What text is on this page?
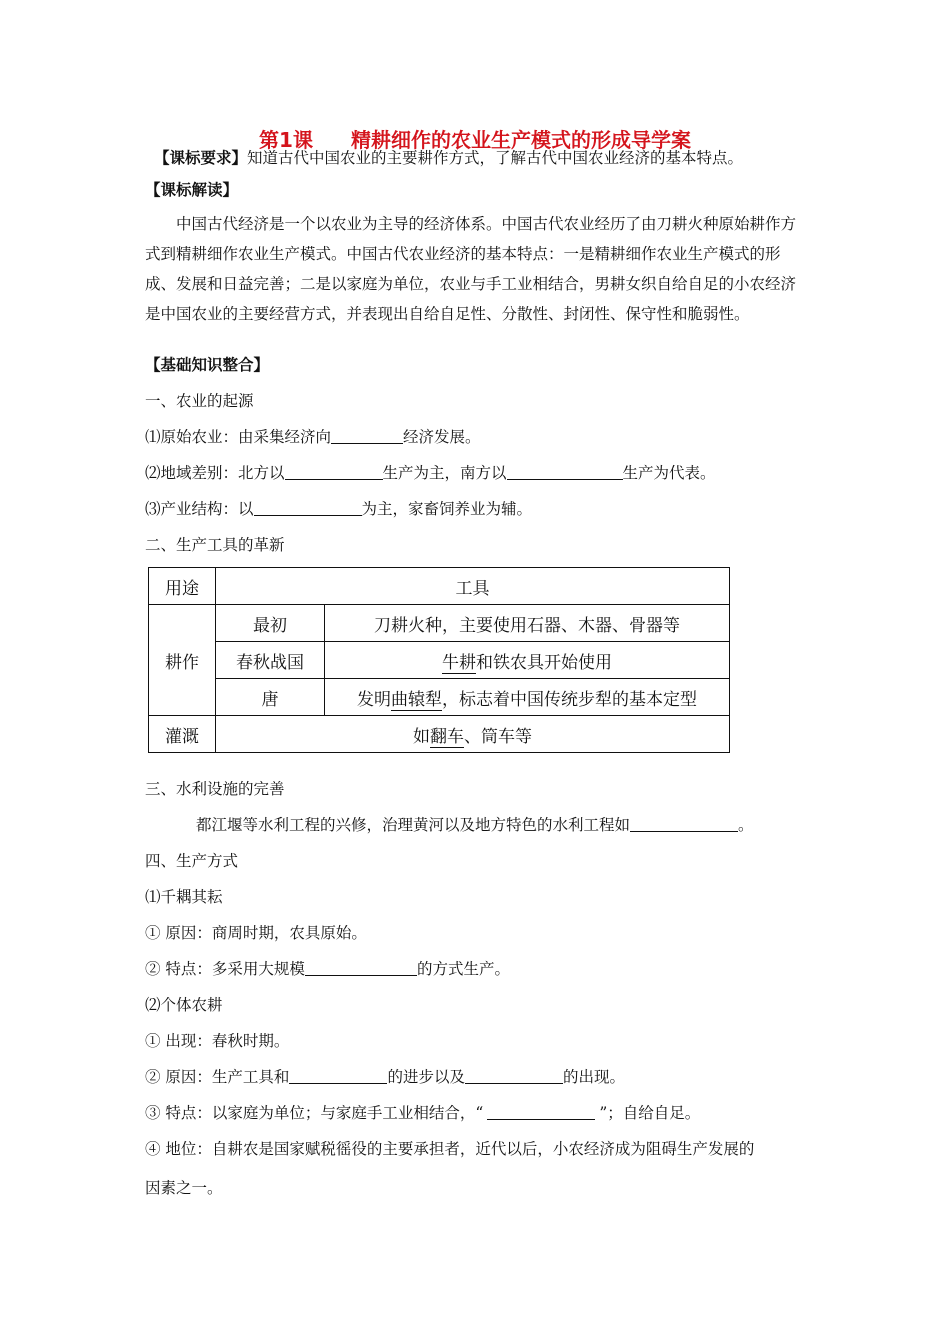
第1课 精耕细作的农业生产模式的形成导学案
【课标要求】知道古代中国农业的主要耕作方式，了解古代中国农业经济的基本特点。
【课标解读】
中国古代经济是一个以农业为主导的经济体系。中国古代农业经历了由刀耕火种原始耕作方式到精耕细作农业生产模式。中国古代农业经济的基本特点：一是精耕细作农业生产模式的形成、发展和日益完善；二是以家庭为单位，农业与手工业相结合，男耕女织自给自足的小农经济是中国农业的主要经营方式，并表现出自给自足性、分散性、封闭性、保守性和脆弱性。
【基础知识整合】
一、农业的起源
⑴原始农业：由采集经济向	经济发展。
⑵地域差别：北方以	生产为主，南方以	生产为代表。
⑶产业结构：以	为主，家畜饲养业为辅。
二、生产工具的革新
用途	工具	
耕作	最初	刀耕火种，主要使用石器、木器、骨器等
	春秋战国	牛耕和铁农具开始使用
	唐	发明曲辕犁，标志着中国传统步犁的基本定型
灌溉	如翻车、筒车等	
三、水利设施的完善
都江堰等水利工程的兴修，治理黄河以及地方特色的水利工程如	。
四、生产方式
⑴千耦其耘
① 原因：商周时期，农具原始。
② 特点：多采用大规模	的方式生产。
⑵个体农耕
① 出现：春秋时期。
② 原因：生产工具和	的进步以及	的出现。
③ 特点：以家庭为单位；与家庭手工业相结合，“	”；自给自足。
④ 地位：自耕农是国家赋税徭役的主要承担者，近代以后，小农经济成为阻碍生产发展的
因素之一。
